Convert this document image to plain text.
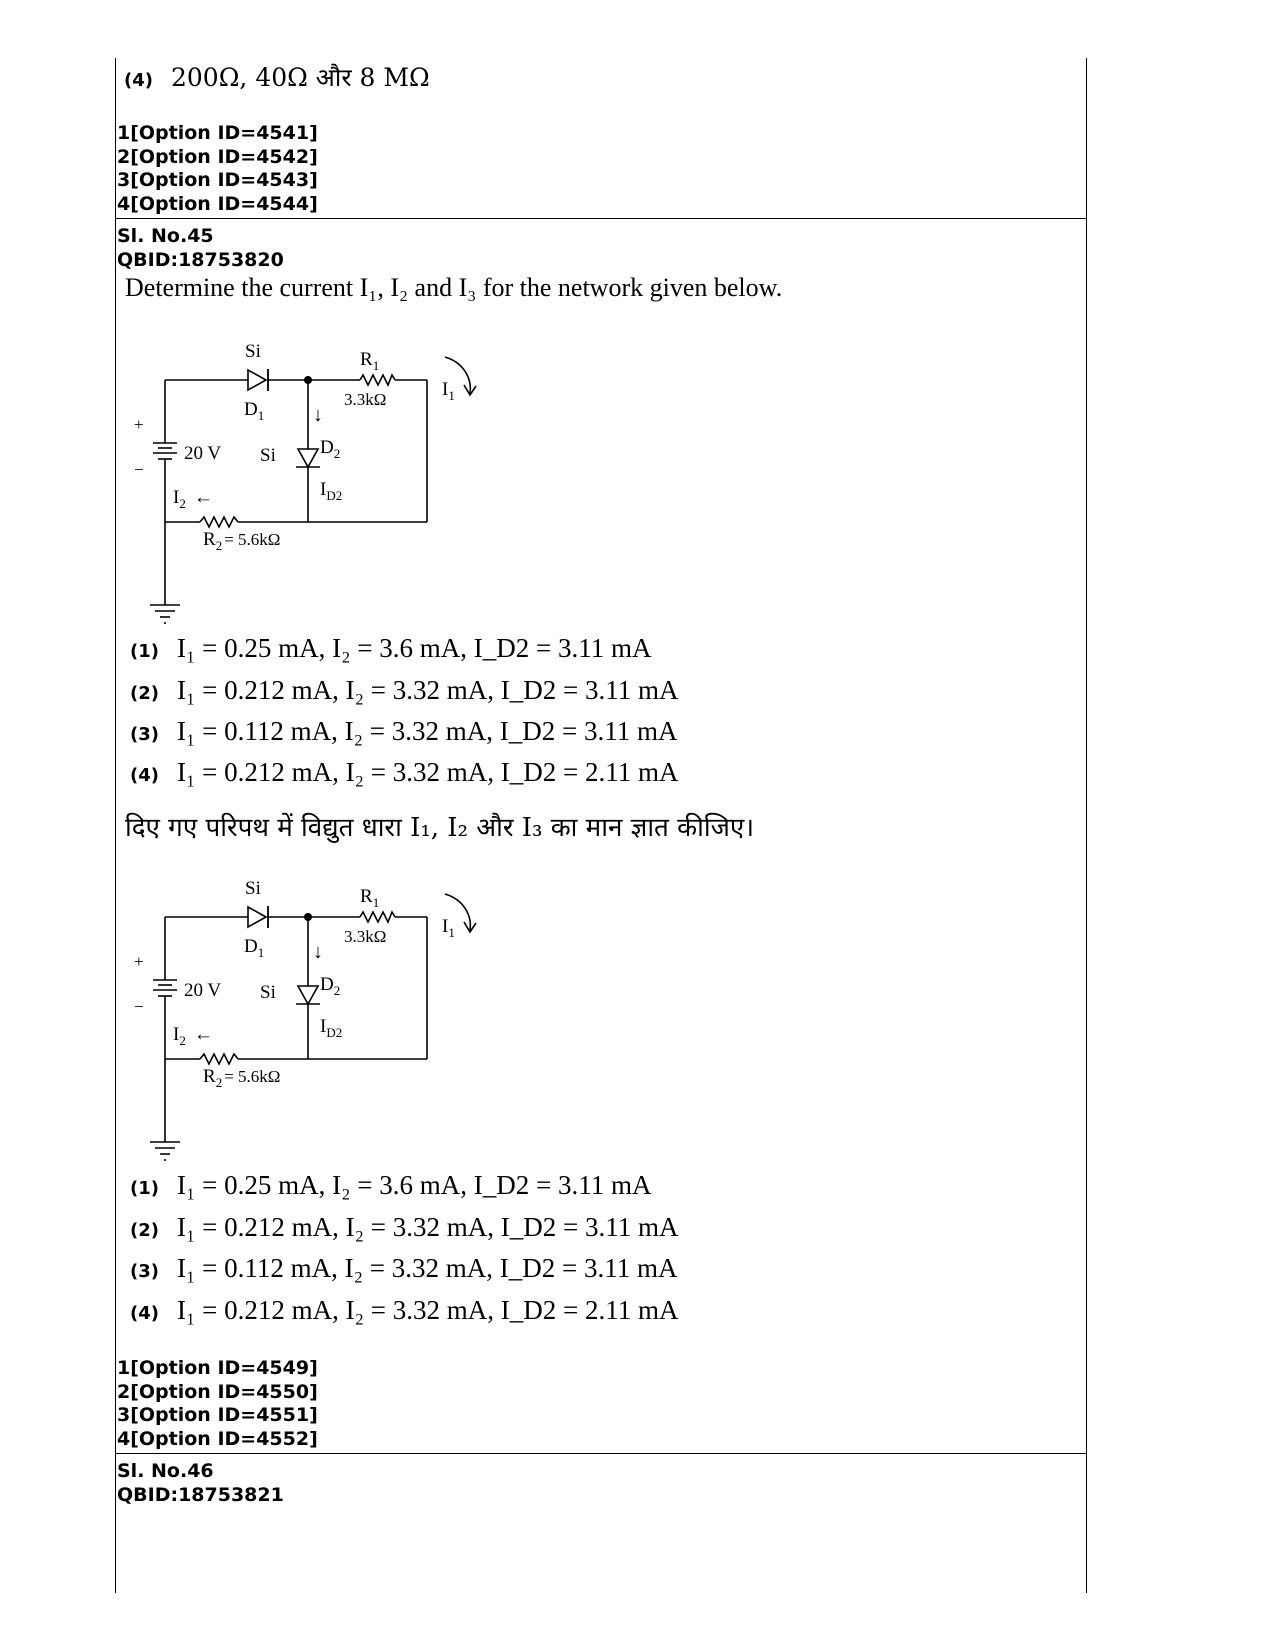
(4) 200Ω, 40Ω और 8 MΩ
1[Option ID=4541]
2[Option ID=4542]
3[Option ID=4543]
4[Option ID=4544]
Sl. No.45
QBID:18753820
Determine the current I₁, I₂ and I₃ for the network given below.
Si
$D_1$
$R_1$
3.3kΩ	$I_1$
↓
$D_2$
Si
$I_{D2}$
+
−
20 V
$I_2$ ←
$R_2 = 5.6k\Omega$
(1) I₁ = 0.25 mA, I₂ = 3.6 mA, I_D2 = 3.11 mA
(2) I₁ = 0.212 mA, I₂ = 3.32 mA, I_D2 = 3.11 mA
(3) I₁ = 0.112 mA, I₂ = 3.32 mA, I_D2 = 3.11 mA
(4) I₁ = 0.212 mA, I₂ = 3.32 mA, I_D2 = 2.11 mA
दिए गए परिपथ में विद्युत धारा I₁, I₂ और I₃ का मान ज्ञात कीजिए।
Si
$D_1$
$R_1$
3.3kΩ	$I_1$
↓
$D_2$
Si
$I_{D2}$
+
−
20 V
$I_2$ ←
$R_2 = 5.6k\Omega$
(1) I₁ = 0.25 mA, I₂ = 3.6 mA, I_D2 = 3.11 mA
(2) I₁ = 0.212 mA, I₂ = 3.32 mA, I_D2 = 3.11 mA
(3) I₁ = 0.112 mA, I₂ = 3.32 mA, I_D2 = 3.11 mA
(4) I₁ = 0.212 mA, I₂ = 3.32 mA, I_D2 = 2.11 mA
1[Option ID=4549]
2[Option ID=4550]
3[Option ID=4551]
4[Option ID=4552]
Sl. No.46
QBID:18753821
